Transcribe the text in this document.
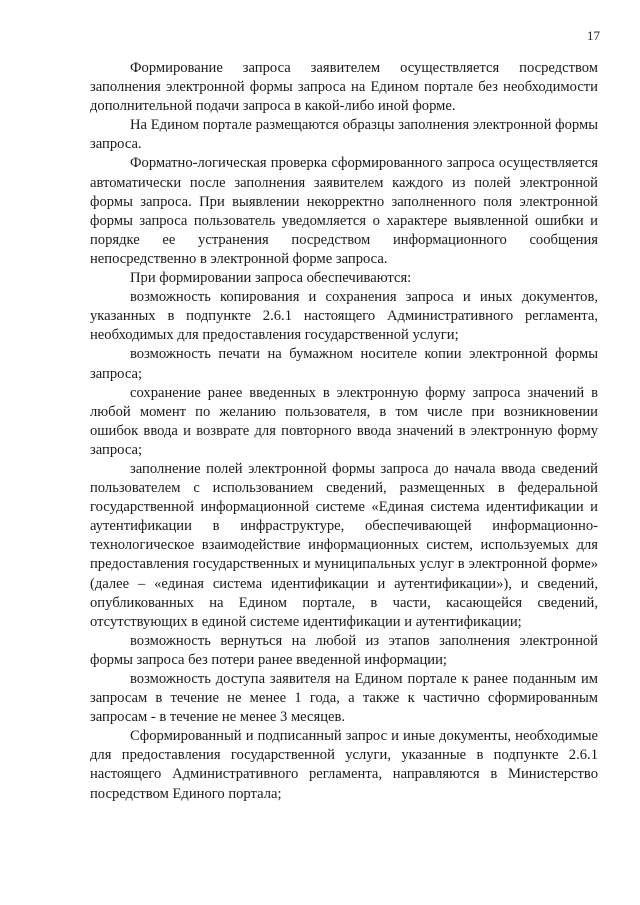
17

Формирование запроса заявителем осуществляется посредством заполнения электронной формы запроса на Едином портале без необходимости дополнительной подачи запроса в какой-либо иной форме.

На Едином портале размещаются образцы заполнения электронной формы запроса.

Форматно-логическая проверка сформированного запроса осуществляется автоматически после заполнения заявителем каждого из полей электронной формы запроса. При выявлении некорректно заполненного поля электронной формы запроса пользователь уведомляется о характере выявленной ошибки и порядке ее устранения посредством информационного сообщения непосредственно в электронной форме запроса.

При формировании запроса обеспечиваются:

возможность копирования и сохранения запроса и иных документов, указанных в подпункте 2.6.1 настоящего Административного регламента, необходимых для предоставления государственной услуги;

возможность печати на бумажном носителе копии электронной формы запроса;

сохранение ранее введенных в электронную форму запроса значений в любой момент по желанию пользователя, в том числе при возникновении ошибок ввода и возврате для повторного ввода значений в электронную форму запроса;

заполнение полей электронной формы запроса до начала ввода сведений пользователем с использованием сведений, размещенных в федеральной государственной информационной системе «Единая система идентификации и аутентификации в инфраструктуре, обеспечивающей информационно-технологическое взаимодействие информационных систем, используемых для предоставления государственных и муниципальных услуг в электронной форме» (далее – «единая система идентификации и аутентификации»), и сведений, опубликованных на Едином портале, в части, касающейся сведений, отсутствующих в единой системе идентификации и аутентификации;

возможность вернуться на любой из этапов заполнения электронной формы запроса без потери ранее введенной информации;

возможность доступа заявителя на Едином портале к ранее поданным им запросам в течение не менее 1 года, а также к частично сформированным запросам - в течение не менее 3 месяцев.

Сформированный и подписанный запрос и иные документы, необходимые для предоставления государственной услуги, указанные в подпункте 2.6.1 настоящего Административного регламента, направляются в Министерство посредством Единого портала;
